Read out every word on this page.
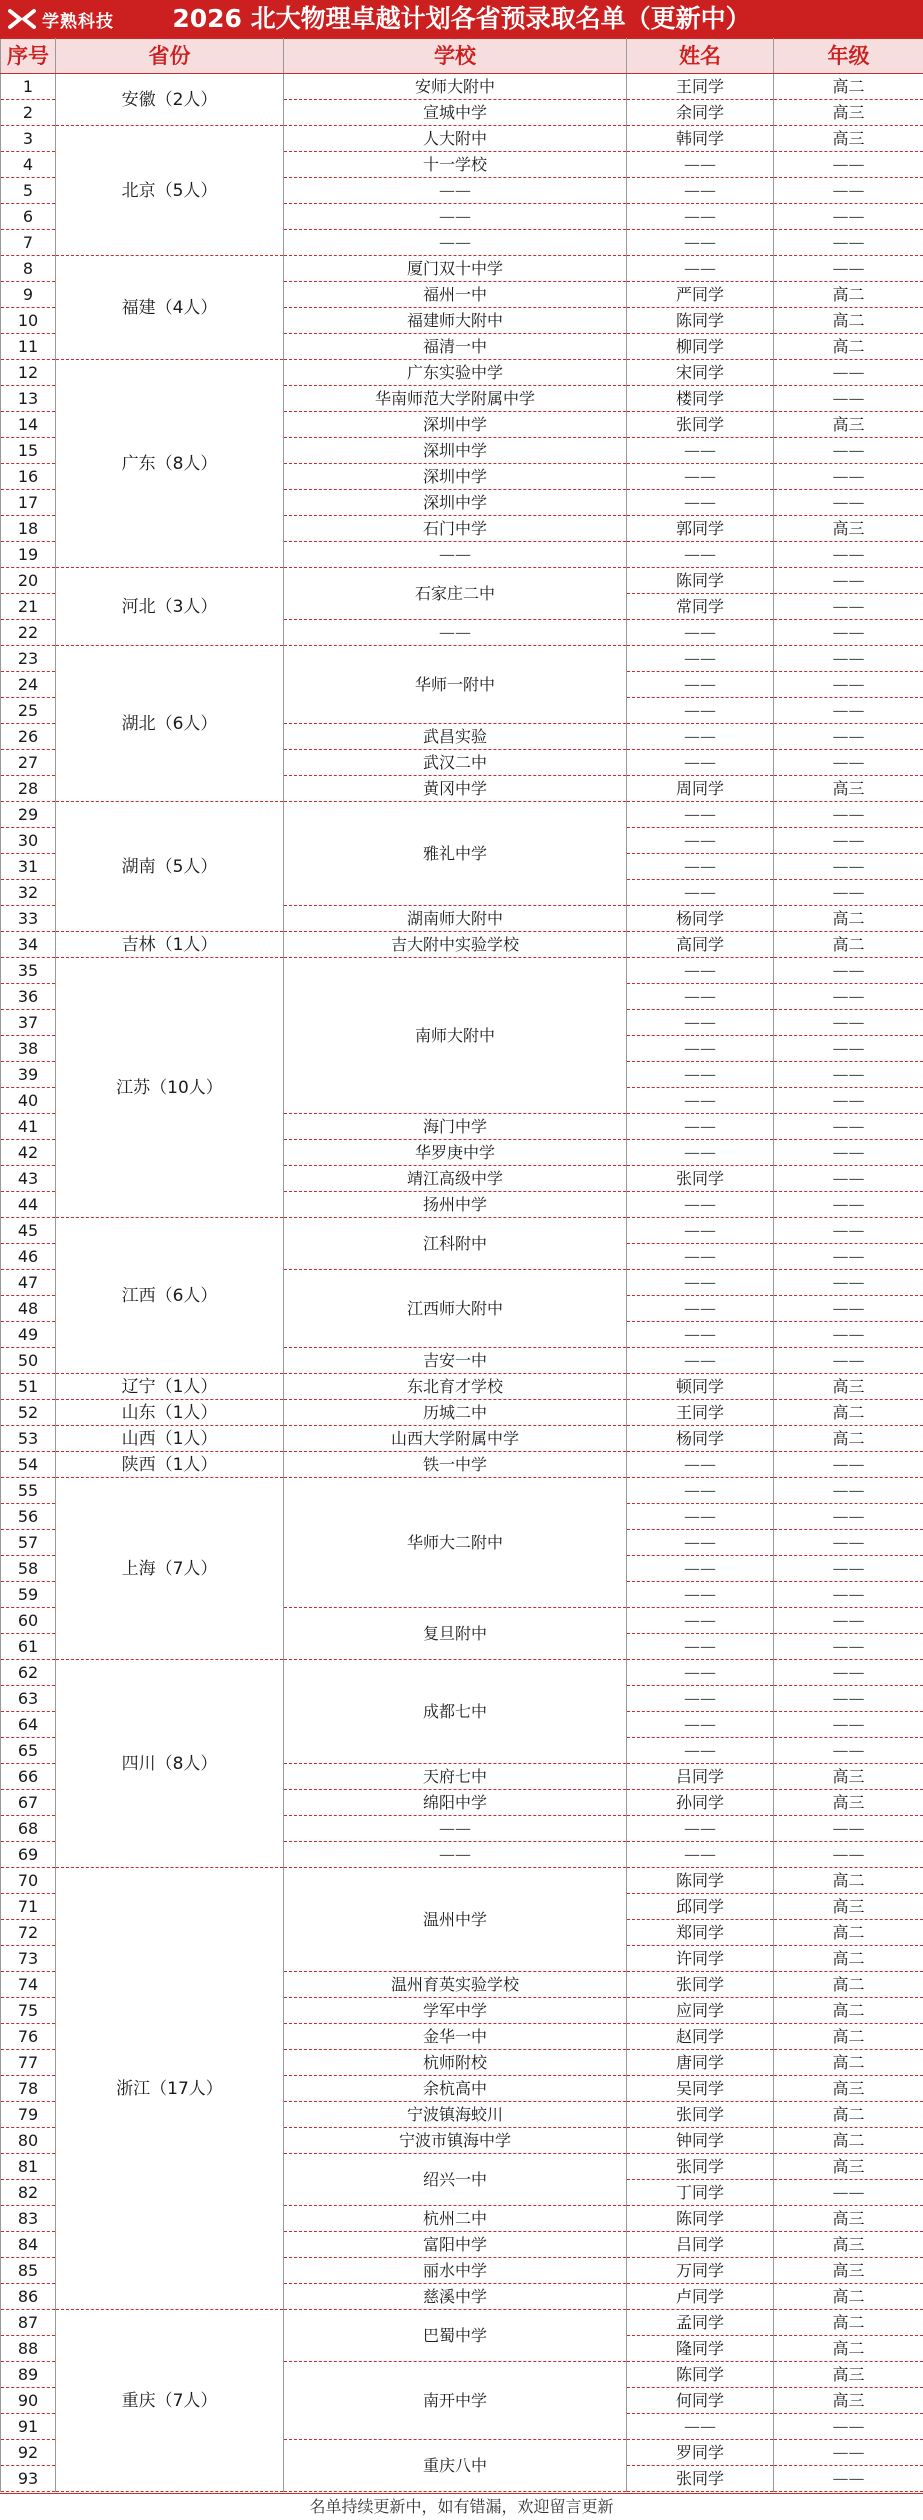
学熟科技	2026 北大物理卓越计划各省预录取名单（更新中）
序号	省份	学校	姓名	年级
1	安徽（2人）	安师大附中	王同学	高二
2		宣城中学	余同学	高三
3	北京（5人）	人大附中	韩同学	高三
4		十一学校	——	——
5		——	——	——
6		——	——	——
7		——	——	——
8	福建（4人）	厦门双十中学	——	——
9		福州一中	严同学	高二
10		福建师大附中	陈同学	高二
11		福清一中	柳同学	高二
12	广东（8人）	广东实验中学	宋同学	——
13		华南师范大学附属中学	楼同学	——
14		深圳中学	张同学	高三
15		深圳中学	——	——
16		深圳中学	——	——
17		深圳中学	——	——
18		石门中学	郭同学	高三
19		——	——	——
20	河北（3人）	石家庄二中	陈同学	——
21			常同学	——
22		——	——	——
23	湖北（6人）	华师一附中	——	——
24			——	——
25			——	——
26		武昌实验	——	——
27		武汉二中	——	——
28		黄冈中学	周同学	高三
29	湖南（5人）	雅礼中学	——	——
30			——	——
31			——	——
32			——	——
33		湖南师大附中	杨同学	高二
34	吉林（1人）	吉大附中实验学校	高同学	高二
35	江苏（10人）	南师大附中	——	——
36			——	——
37			——	——
38			——	——
39			——	——
40			——	——
41		海门中学	——	——
42		华罗庚中学	——	——
43		靖江高级中学	张同学	——
44		扬州中学	——	——
45	江西（6人）	江科附中	——	——
46			——	——
47		江西师大附中	——	——
48			——	——
49			——	——
50		吉安一中	——	——
51	辽宁（1人）	东北育才学校	顿同学	高三
52	山东（1人）	历城二中	王同学	高二
53	山西（1人）	山西大学附属中学	杨同学	高二
54	陕西（1人）	铁一中学	——	——
55	上海（7人）	华师大二附中	——	——
56			——	——
57			——	——
58			——	——
59			——	——
60		复旦附中	——	——
61			——	——
62	四川（8人）	成都七中	——	——
63			——	——
64			——	——
65			——	——
66		天府七中	吕同学	高三
67		绵阳中学	孙同学	高三
68		——	——	——
69		——	——	——
70	浙江（17人）	温州中学	陈同学	高二
71			邱同学	高三
72			郑同学	高二
73			许同学	高二
74		温州育英实验学校	张同学	高二
75		学军中学	应同学	高二
76		金华一中	赵同学	高二
77		杭师附校	唐同学	高二
78		余杭高中	吴同学	高三
79		宁波镇海蛟川	张同学	高二
80		宁波市镇海中学	钟同学	高二
81		绍兴一中	张同学	高三
82			丁同学	——
83		杭州二中	陈同学	高三
84		富阳中学	吕同学	高三
85		丽水中学	万同学	高三
86		慈溪中学	卢同学	高二
87	重庆（7人）	巴蜀中学	孟同学	高二
88			隆同学	高二
89		南开中学	陈同学	高三
90			何同学	高三
91			——	——
92		重庆八中	罗同学	——
93			张同学	——
名单持续更新中，如有错漏，欢迎留言更新
